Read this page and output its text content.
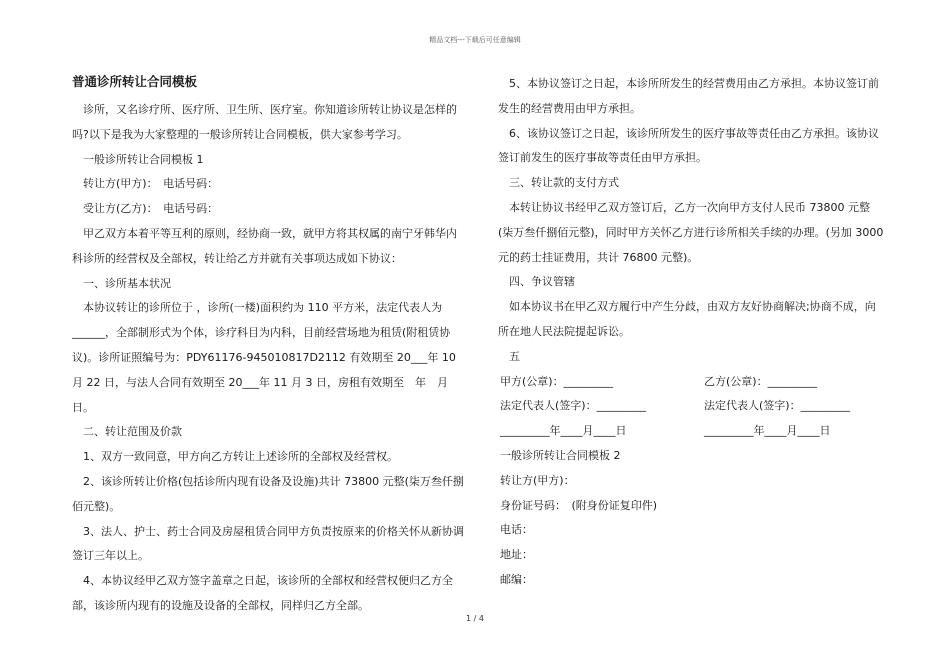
精品文档---下载后可任意编辑
普通诊所转让合同模板

诊所，又名诊疗所、医疗所、卫生所、医疗室。你知道诊所转让协议是怎样的吗?以下是我为大家整理的一般诊所转让合同模板，供大家参考学习。

一般诊所转让合同模板 1

转让方(甲方)：　电话号码：

受让方(乙方)：　电话号码：

甲乙双方本着平等互利的原则，经协商一致，就甲方将其权属的南宁牙韩华内科诊所的经营权及全部权，转让给乙方并就有关事项达成如下协议：

一、诊所基本状况

本协议转让的诊所位于 ，诊所(一楼)面积约为 110 平方米，法定代表人为______，全部制形式为个体，诊疗科目为内科，目前经营场地为租赁(附租赁协议)。诊所证照编号为：PDY61176-945010817D2112 有效期至 20___年 10 月 22 日，与法人合同有效期至 20___年 11 月 3 日，房租有效期至　年　月　日。

二、转让范围及价款

1、双方一致同意，甲方向乙方转让上述诊所的全部权及经营权。

2、该诊所转让价格(包括诊所内现有设备及设施)共计 73800 元整(柒万叁仟捌佰元整)。

3、法人、护士、药士合同及房屋租赁合同甲方负责按原来的价格关怀从新协调签订三年以上。

4、本协议经甲乙双方签字盖章之日起，该诊所的全部权和经营权便归乙方全部，该诊所内现有的设施及设备的全部权，同样归乙方全部。

5、本协议签订之日起，本诊所所发生的经营费用由乙方承担。本协议签订前发生的经营费用由甲方承担。

6、该协议签订之日起，该诊所所发生的医疗事故等责任由乙方承担。该协议签订前发生的医疗事故等责任由甲方承担。

三、转让款的支付方式

本转让协议书经甲乙双方签订后，乙方一次向甲方支付人民币 73800 元整(柒万叁仟捌佰元整)，同时甲方关怀乙方进行诊所相关手续的办理。(另加 3000 元的药士挂证费用，共计 76800 元整)。

四、争议管辖

如本协议书在甲乙双方履行中产生分歧，由双方友好协商解决;协商不成，向所在地人民法院提起诉讼。

五

甲方(公章)：_________	乙方(公章)：_________
法定代表人(签字)：_________	法定代表人(签字)：_________
_________年____月____日	_________年____月____日

一般诊所转让合同模板 2

转让方(甲方)：

身份证号码：　(附身份证复印件)

电话：

地址：

邮编：

1 / 4
